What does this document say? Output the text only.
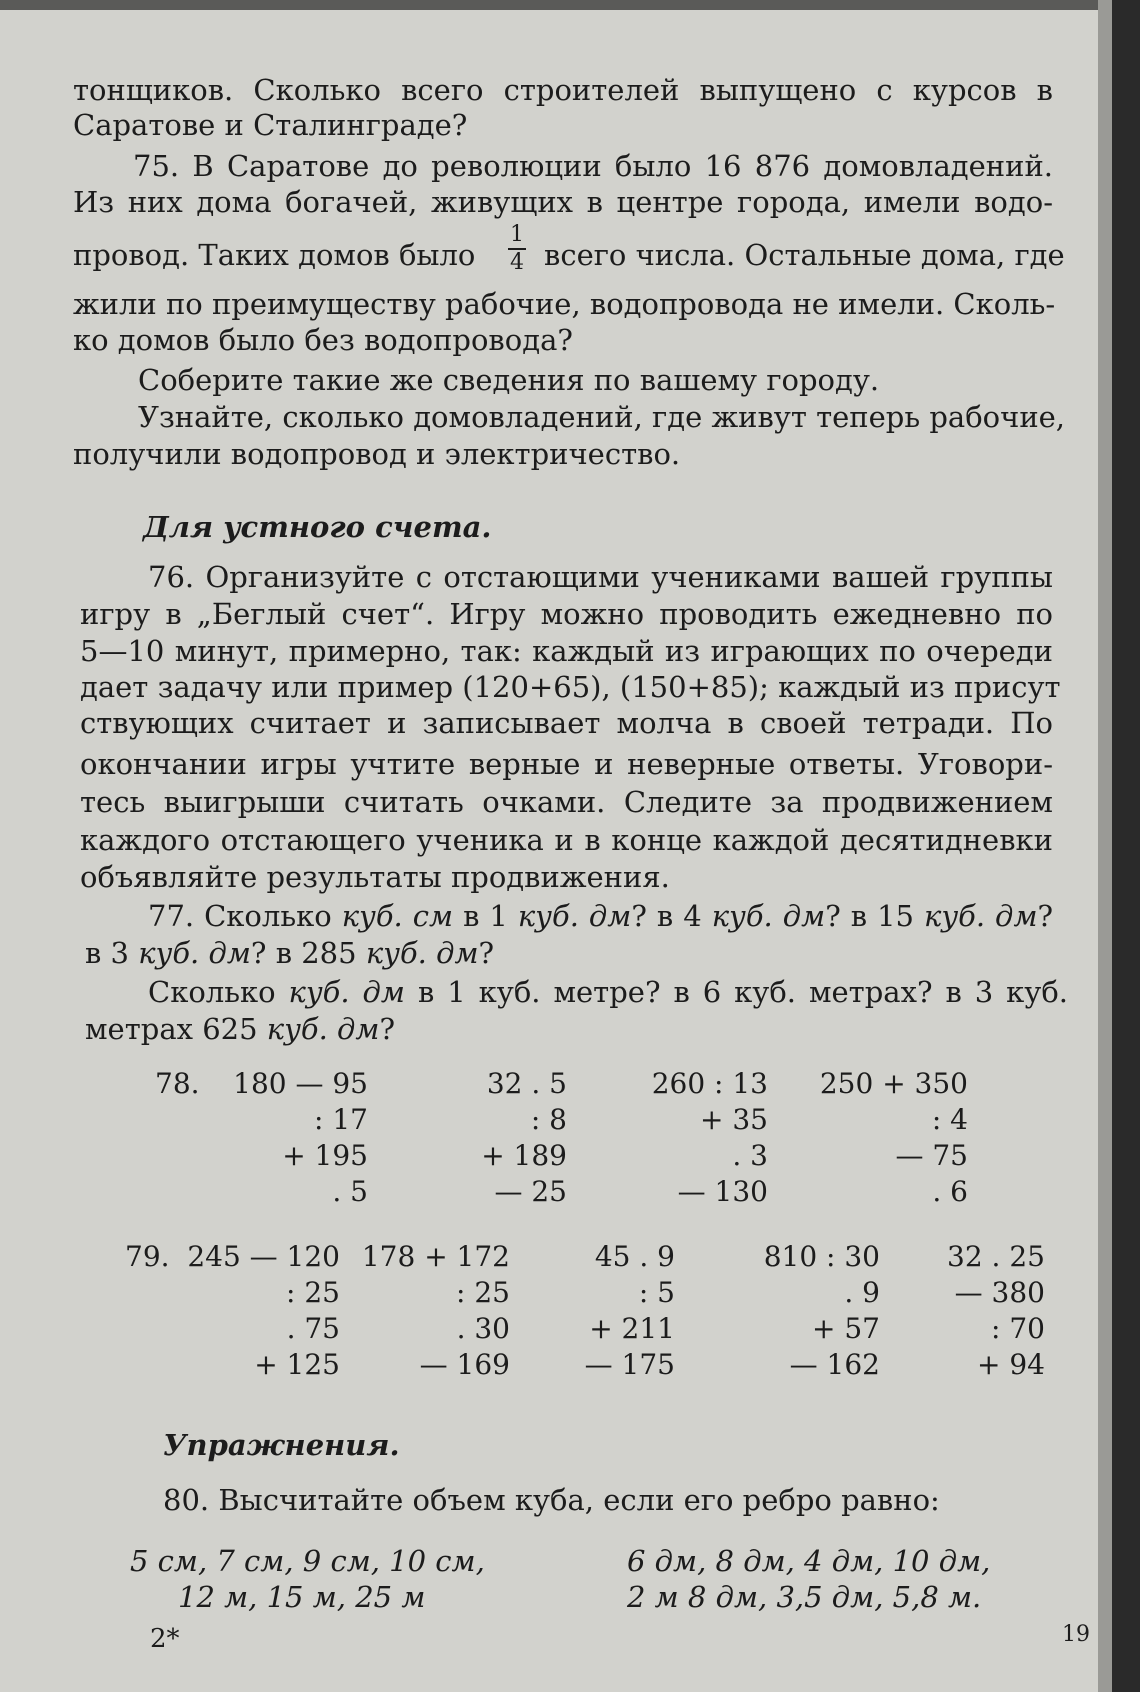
тонщиков. Сколько всего строителей выпущено с курсов в
Саратове и Сталинграде?
75. В Саратове до революции было 16 876 домовладений.
Из них дома богачей, живущих в центре города, имели водо-
провод. Таких домов было
1
4 всего числа. Остальные дома, где
жили по преимуществу рабочие, водопровода не имели. Сколь-
ко домов было без водопровода?
Соберите такие же сведения по вашему городу.
Узнайте, сколько домовладений, где живут теперь рабочие,
получили водопровод и электричество.
Для устного счета.
76. Организуйте с отстающими учениками вашей группы
игру в „Беглый счет“. Игру можно проводить ежедневно по
5—10 минут, примерно, так: каждый из играющих по очереди
дает задачу или пример (120+65), (150+85); каждый из присут
ствующих считает и записывает молча в своей тетради. По
окончании игры учтите верные и неверные ответы. Уговори-
тесь выигрыши считать очками. Следите за продвижением
каждого отстающего ученика и в конце каждой десятидневки
объявляйте результаты продвижения.
77. Сколько куб. см в 1 куб. дм? в 4 куб. дм? в 15 куб. дм?
в 3 куб. дм? в 285 куб. дм?
Сколько куб. дм в 1 куб. метре? в 6 куб. метрах? в 3 куб.
метрах 625 куб. дм?
78.	180 — 95
: 17
+ 195
. 5
32 . 5
: 8
+ 189
— 25
260 : 13
+ 35
. 3
— 130
250 + 350
: 4
— 75
. 6
79. 245 — 120
: 25
. 75
+ 125
178 + 172
: 25
. 30
— 169
45 . 9
: 5
+ 211
— 175
810 : 30
. 9
+ 57
— 162
32 . 25
— 380
: 70
+ 94
Упражнения.
80. Высчитайте объем куба, если его ребро равно:
5 см, 7 см, 9 см, 10 см,
12 м, 15 м, 25 м
6 дм, 8 дм, 4 дм, 10 дм,
2 м 8 дм, 3,5 дм, 5,8 м.
2*	19
